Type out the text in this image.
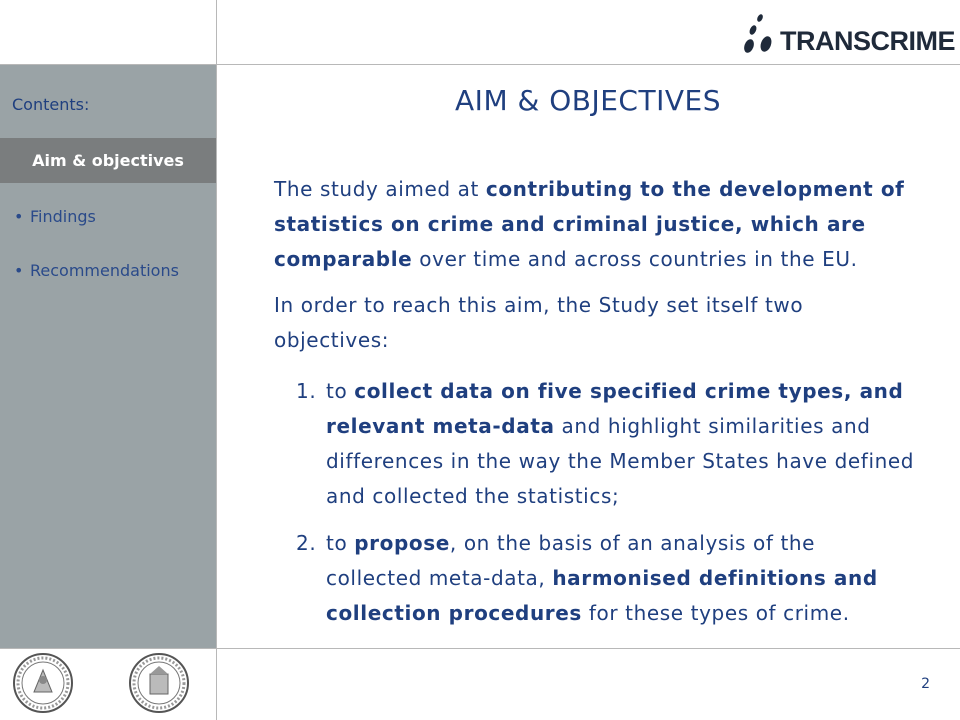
TRANSCRIME
Contents:
Aim & objectives
• Findings
• Recommendations
AIM & OBJECTIVES
The study aimed at contributing to the development of statistics on crime and criminal justice, which are comparable over time and across countries in the EU.
In order to reach this aim, the Study set itself two objectives:
1. to collect data on five specified crime types, and relevant meta-data and highlight similarities and differences in the way the Member States have defined and collected the statistics;
2. to propose, on the basis of an analysis of the collected meta-data, harmonised definitions and collection procedures for these types of crime.
2
